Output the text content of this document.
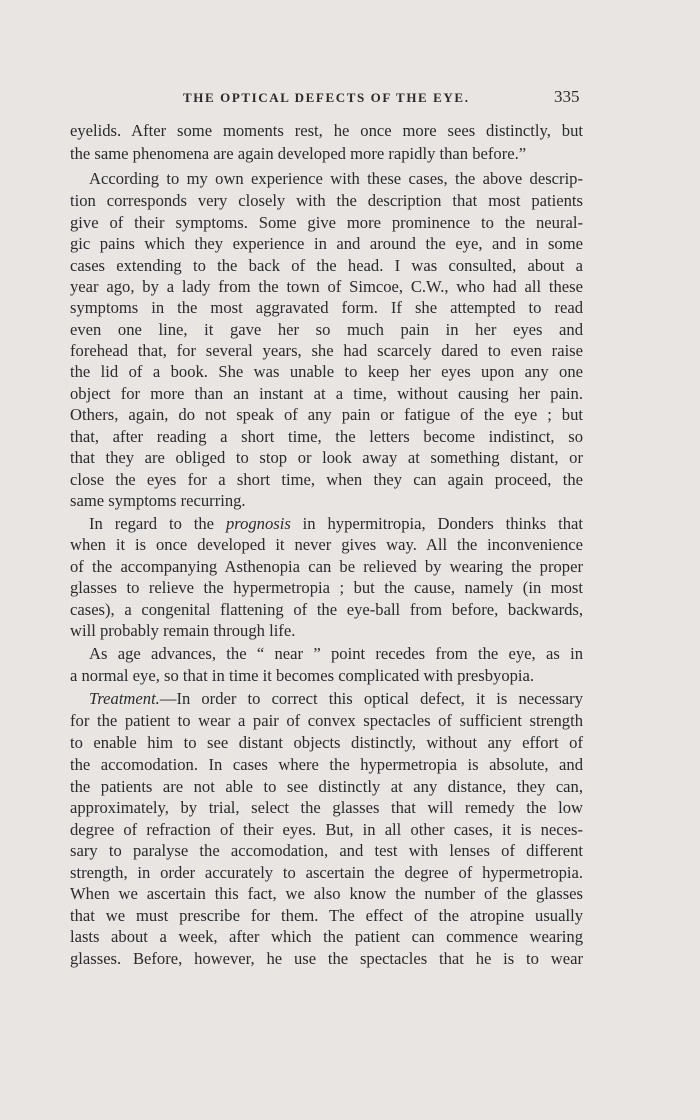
THE OPTICAL DEFECTS OF THE EYE.	335
eyelids. After some moments rest, he once more sees distinctly, but
the same phenomena are again developed more rapidly than before.”
According to my own experience with these cases, the above descrip-
tion corresponds very closely with the description that most patients
give of their symptoms. Some give more prominence to the neural-
gic pains which they experience in and around the eye, and in some
cases extending to the back of the head. I was consulted, about a
year ago, by a lady from the town of Simcoe, C.W., who had all these
symptoms in the most aggravated form. If she attempted to read
even one line, it gave her so much pain in her eyes and
forehead that, for several years, she had scarcely dared to even raise
the lid of a book. She was unable to keep her eyes upon any one
object for more than an instant at a time, without causing her pain.
Others, again, do not speak of any pain or fatigue of the eye ; but
that, after reading a short time, the letters become indistinct, so
that they are obliged to stop or look away at something distant, or
close the eyes for a short time, when they can again proceed, the
same symptoms recurring.
In regard to the prognosis in hypermitropia, Donders thinks that
when it is once developed it never gives way. All the inconvenience
of the accompanying Asthenopia can be relieved by wearing the proper
glasses to relieve the hypermetropia ; but the cause, namely (in most
cases), a congenital flattening of the eye-ball from before, backwards,
will probably remain through life.
As age advances, the “ near ” point recedes from the eye, as in
a normal eye, so that in time it becomes complicated with presbyopia.
Treatment.—In order to correct this optical defect, it is necessary
for the patient to wear a pair of convex spectacles of sufficient strength
to enable him to see distant objects distinctly, without any effort of
the accomodation. In cases where the hypermetropia is absolute, and
the patients are not able to see distinctly at any distance, they can,
approximately, by trial, select the glasses that will remedy the low
degree of refraction of their eyes. But, in all other cases, it is neces-
sary to paralyse the accomodation, and test with lenses of different
strength, in order accurately to ascertain the degree of hypermetropia.
When we ascertain this fact, we also know the number of the glasses
that we must prescribe for them. The effect of the atropine usually
lasts about a week, after which the patient can commence wearing
glasses. Before, however, he use the spectacles that he is to wear
